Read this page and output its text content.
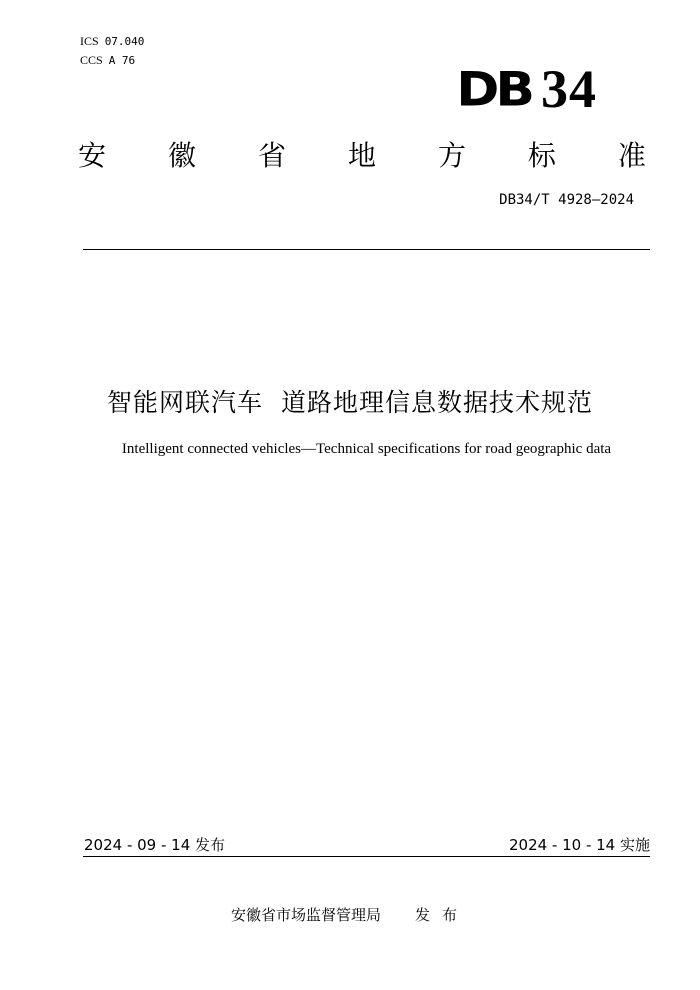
ICS 07.040
CCS A 76
DB 34
安 徽 省 地 方 标 准
DB34/T 4928—2024
智能网联汽车  道路地理信息数据技术规范
Intelligent connected vehicles—Technical specifications for road geographic data
2024 - 09 - 14 发布	2024 - 10 - 14 实施
安徽省市场监督管理局 发布
